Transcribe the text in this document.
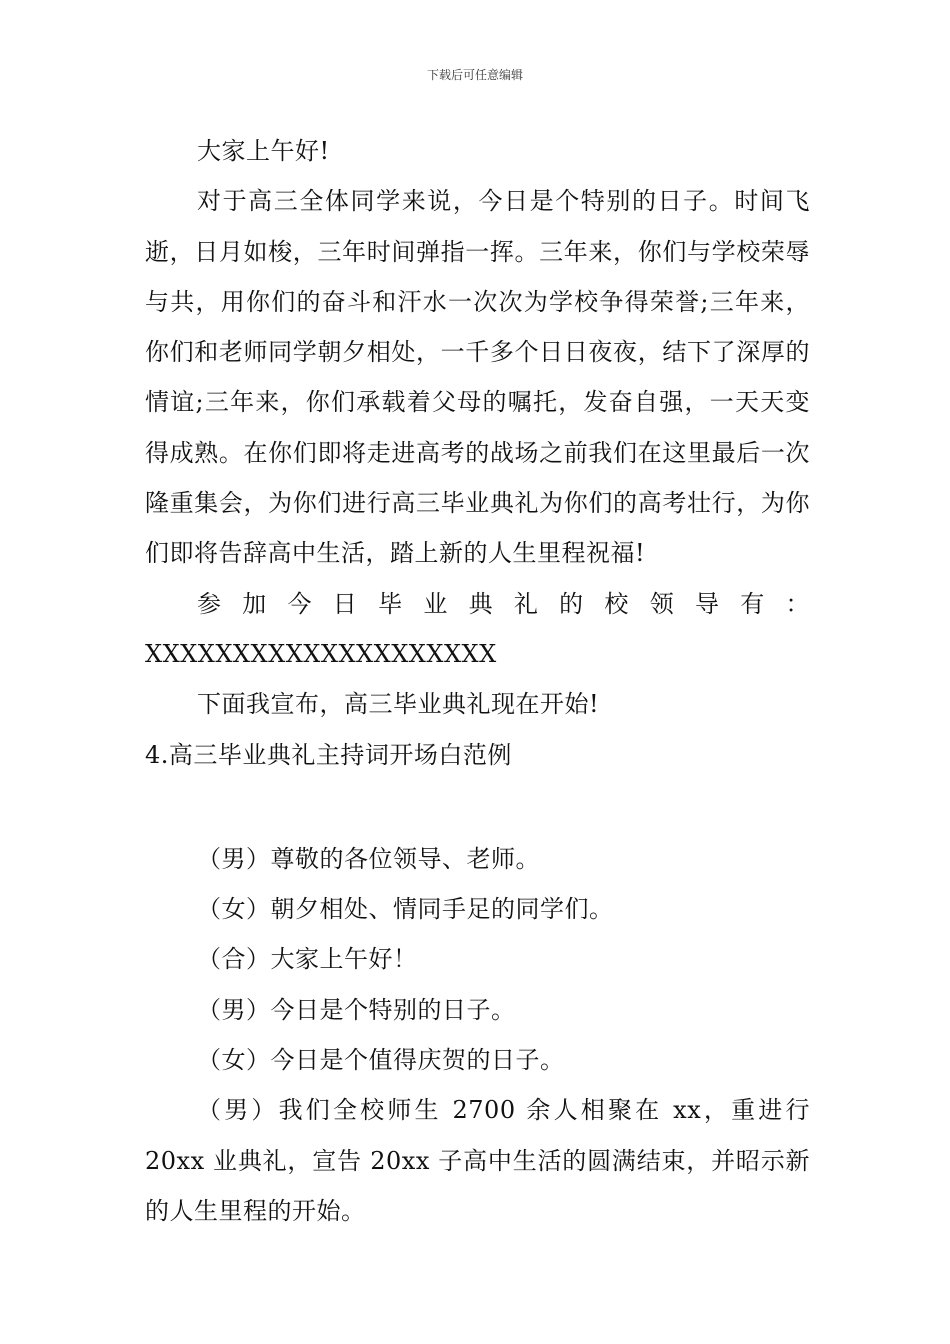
下载后可任意编辑

大家上午好!

对于高三全体同学来说，今日是个特别的日子。时间飞逝，日月如梭，三年时间弹指一挥。三年来，你们与学校荣辱与共，用你们的奋斗和汗水一次次为学校争得荣誉;三年来，你们和老师同学朝夕相处，一千多个日日夜夜，结下了深厚的情谊;三年来，你们承载着父母的嘱托，发奋自强，一天天变得成熟。在你们即将走进高考的战场之前我们在这里最后一次隆重集会，为你们进行高三毕业典礼为你们的高考壮行，为你们即将告辞高中生活，踏上新的人生里程祝福!

参加今日毕业典礼的校领导有：XXXXXXXXXXXXXXXXXXXX

下面我宣布，高三毕业典礼现在开始!

4.高三毕业典礼主持词开场白范例

（男）尊敬的各位领导、老师。

（女）朝夕相处、情同手足的同学们。

（合）大家上午好！

（男）今日是个特别的日子。

（女）今日是个值得庆贺的日子。

（男）我们全校师生 2700 余人相聚在 xx，重进行 20xx 业典礼，宣告 20xx 子高中生活的圆满结束，并昭示新的人生里程的开始。
